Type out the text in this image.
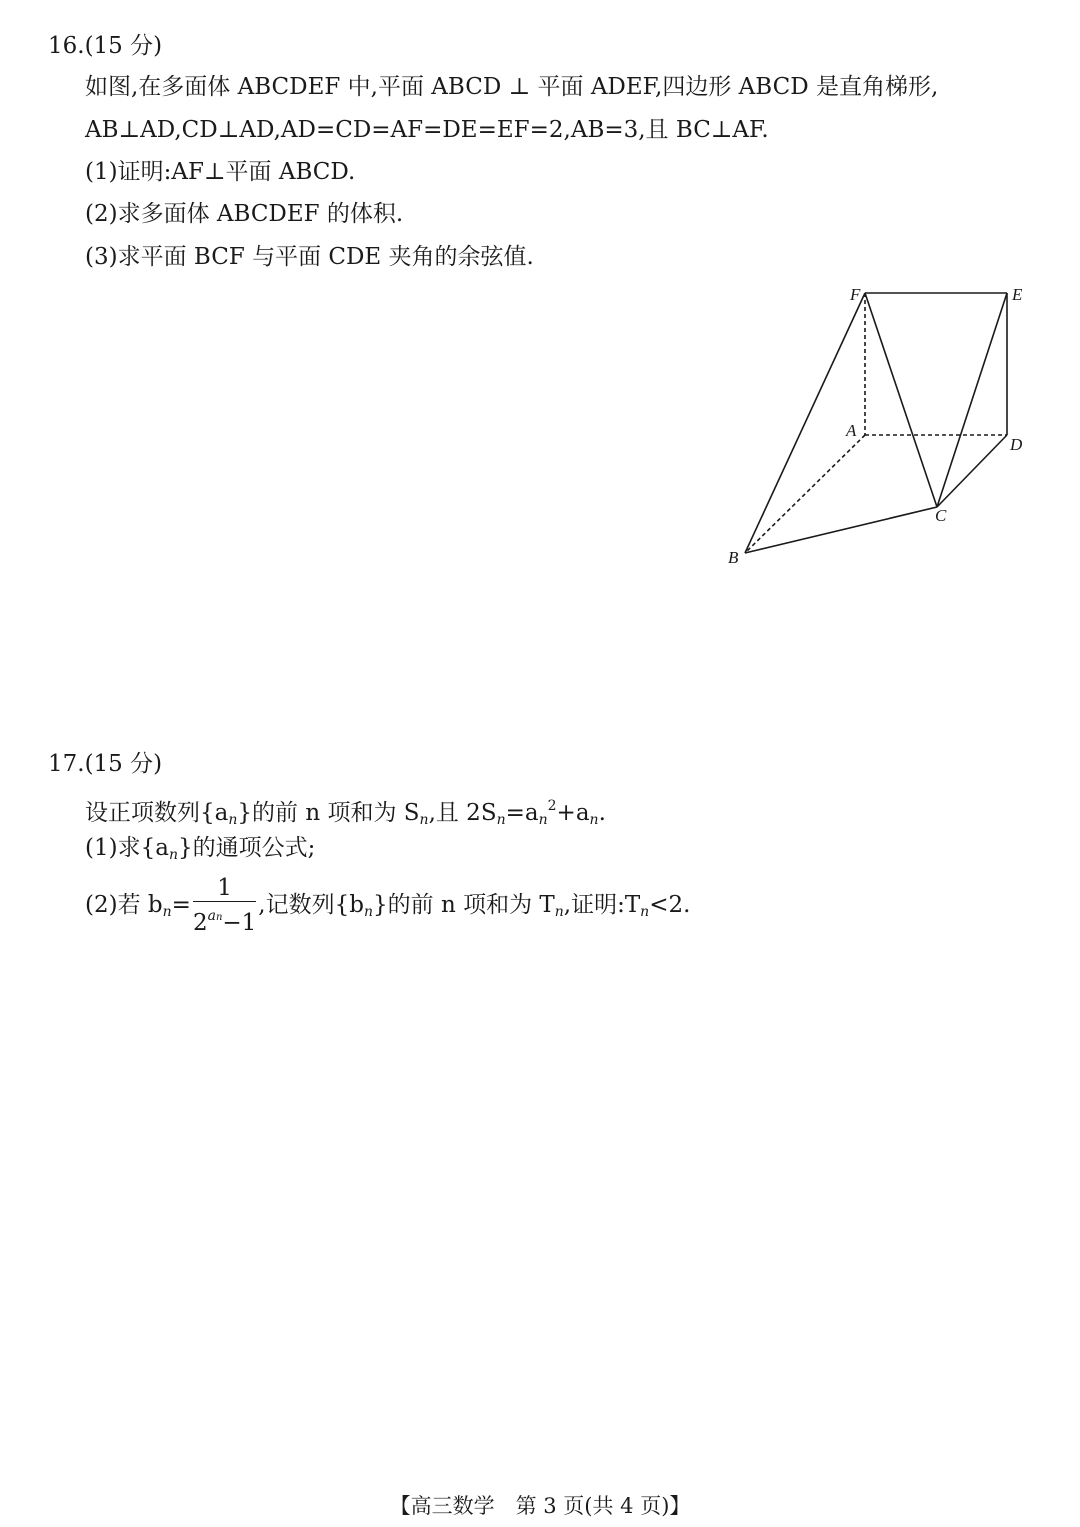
16.(15 分)
如图,在多面体 ABCDEF 中,平面 ABCD ⊥ 平面 ADEF,四边形 ABCD 是直角梯形,
AB⊥AD,CD⊥AD,AD=CD=AF=DE=EF=2,AB=3,且 BC⊥AF.
(1)证明:AF⊥平面 ABCD.
(2)求多面体 ABCDEF 的体积.
(3)求平面 BCF 与平面 CDE 夹角的余弦值.
F	E
A
D
C
B
17.(15 分)
设正项数列$\{a_n\}$的前 n 项和为 $S_n$,且 $2S_n=a_n^2+a_n$.
(1)求$\{a_n\}$的通项公式;
(2)若 $b_n= \frac{1}{2^{an}-1}$ ,记数列$\{b_n\}$的前 n 项和为 $T_n$,证明$:T_n<2$.
【高三数学　第 3 页(共 4 页)】
